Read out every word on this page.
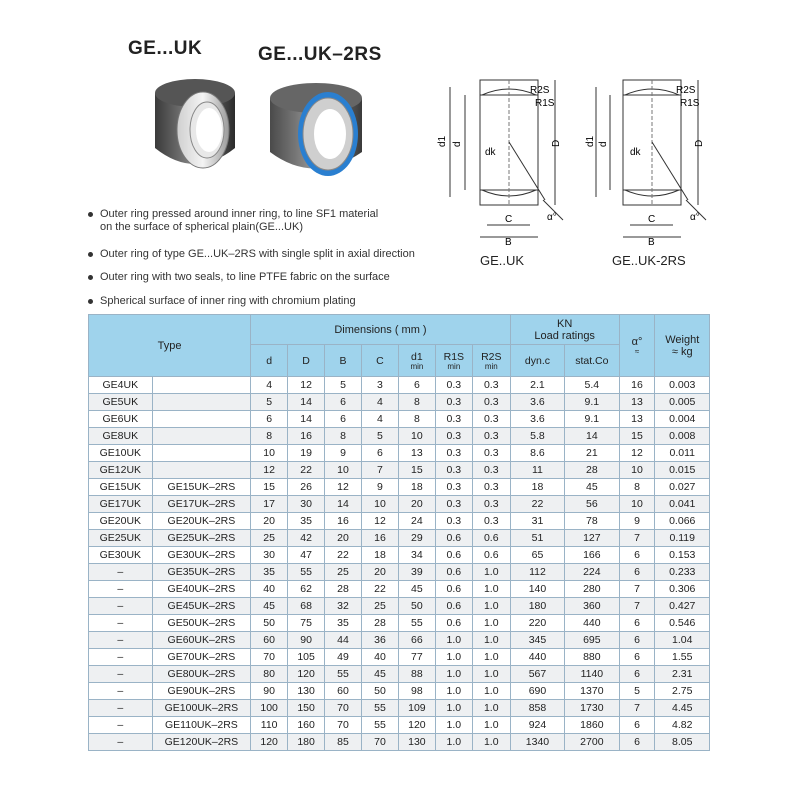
GE...UK	GE...UK–2RS
Outer ring pressed around inner ring, to line SF1 material
on the surface of spherical plain(GE...UK)
Outer ring of type GE...UK–2RS with single split in axial direction
Outer ring with two seals, to line PTFE fabric on the surface
Spherical surface of inner ring with chromium plating
R2S
R1S
d1 d
dk
D
C
B
α°
GE..UK
R2S
R1S
d1 d
dk
D
C
B
α°
GE..UK-2RS
Type		Dimensions ( mm )							KN
Load ratings		α°
≈	Weight
≈ kg
		d	D	B	C	d1
min	R1S
min	R2S
min	dyn.c	stat.Co		
GE4UK		4	12	5	3	6	0.3	0.3	2.1	5.4	16	0.003
GE5UK		5	14	6	4	8	0.3	0.3	3.6	9.1	13	0.005
GE6UK		6	14	6	4	8	0.3	0.3	3.6	9.1	13	0.004
GE8UK		8	16	8	5	10	0.3	0.3	5.8	14	15	0.008
GE10UK		10	19	9	6	13	0.3	0.3	8.6	21	12	0.011
GE12UK		12	22	10	7	15	0.3	0.3	11	28	10	0.015
GE15UK	GE15UK–2RS	15	26	12	9	18	0.3	0.3	18	45	8	0.027
GE17UK	GE17UK–2RS	17	30	14	10	20	0.3	0.3	22	56	10	0.041
GE20UK	GE20UK–2RS	20	35	16	12	24	0.3	0.3	31	78	9	0.066
GE25UK	GE25UK–2RS	25	42	20	16	29	0.6	0.6	51	127	7	0.119
GE30UK	GE30UK–2RS	30	47	22	18	34	0.6	0.6	65	166	6	0.153
–	GE35UK–2RS	35	55	25	20	39	0.6	1.0	112	224	6	0.233
–	GE40UK–2RS	40	62	28	22	45	0.6	1.0	140	280	7	0.306
–	GE45UK–2RS	45	68	32	25	50	0.6	1.0	180	360	7	0.427
–	GE50UK–2RS	50	75	35	28	55	0.6	1.0	220	440	6	0.546
–	GE60UK–2RS	60	90	44	36	66	1.0	1.0	345	695	6	1.04
–	GE70UK–2RS	70	105	49	40	77	1.0	1.0	440	880	6	1.55
–	GE80UK–2RS	80	120	55	45	88	1.0	1.0	567	1140	6	2.31
–	GE90UK–2RS	90	130	60	50	98	1.0	1.0	690	1370	5	2.75
–	GE100UK–2RS	100	150	70	55	109	1.0	1.0	858	1730	7	4.45
–	GE110UK–2RS	110	160	70	55	120	1.0	1.0	924	1860	6	4.82
–	GE120UK–2RS	120	180	85	70	130	1.0	1.0	1340	2700	6	8.05
